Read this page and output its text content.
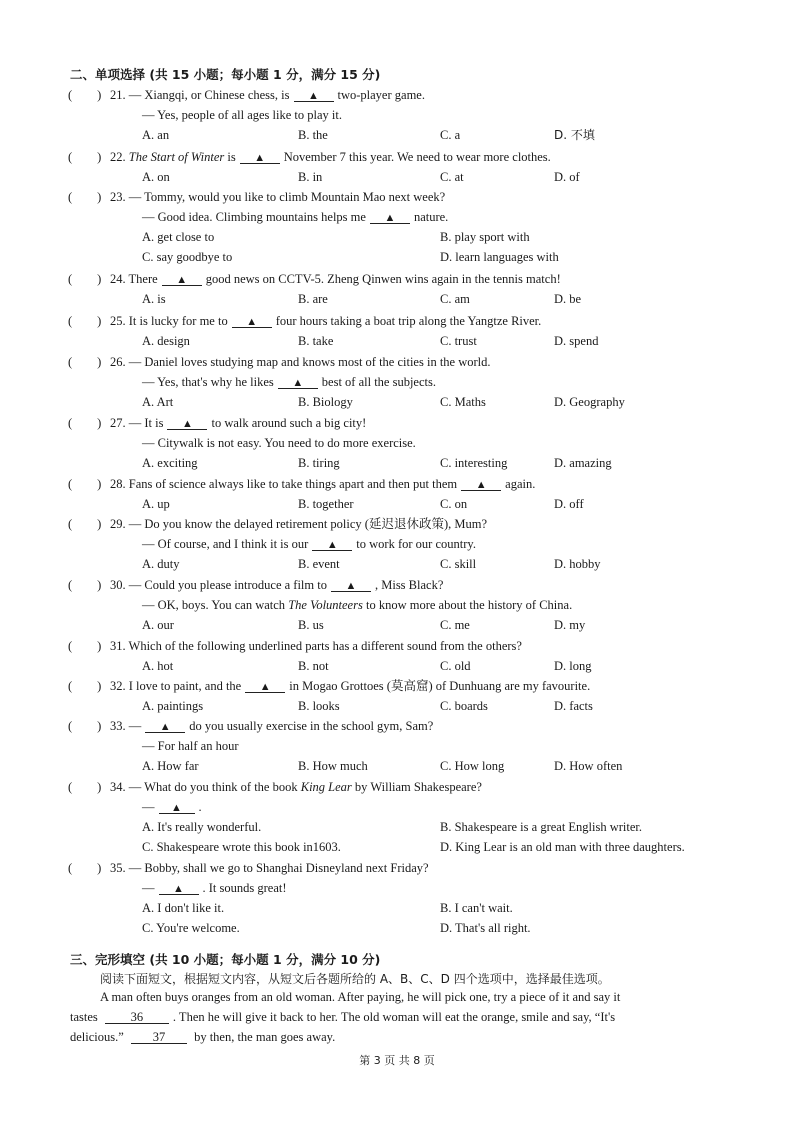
二、单项选择 (共 15 小题；每小题 1 分，满分 15 分)
(        ) 21. — Xiangqi, or Chinese chess, is ▲ two-player game.
— Yes, people of all ages like to play it.
A. an	B. the	C. a	D. 不填
(        ) 22. The Start of Winter is ▲ November 7 this year. We need to wear more clothes.
A. on	B. in	C. at	D. of
(        ) 23. — Tommy, would you like to climb Mountain Mao next week?
— Good idea. Climbing mountains helps me ▲ nature.
A. get close to	B. play sport with
C. say goodbye to	D. learn languages with
(        ) 24. There ▲ good news on CCTV-5. Zheng Qinwen wins again in the tennis match!
A. is	B. are	C. am	D. be
(        ) 25. It is lucky for me to ▲ four hours taking a boat trip along the Yangtze River.
A. design	B. take	C. trust	D. spend
(        ) 26. — Daniel loves studying map and knows most of the cities in the world.
— Yes, that's why he likes ▲ best of all the subjects.
A. Art	B. Biology	C. Maths	D. Geography
(        ) 27. — It is ▲ to walk around such a big city!
— Citywalk is not easy. You need to do more exercise.
A. exciting	B. tiring	C. interesting	D. amazing
(        ) 28. Fans of science always like to take things apart and then put them ▲ again.
A. up	B. together	C. on	D. off
(        ) 29. — Do you know the delayed retirement policy (延迟退休政策), Mum?
— Of course, and I think it is our ▲ to work for our country.
A. duty	B. event	C. skill	D. hobby
(        ) 30. — Could you please introduce a film to ▲ , Miss Black?
— OK, boys. You can watch The Volunteers to know more about the history of China.
A. our	B. us	C. me	D. my
(        ) 31. Which of the following underlined parts has a different sound from the others?
A. hot	B. not	C. old	D. long
(        ) 32. I love to paint, and the ▲ in Mogao Grottoes (莫高窟) of Dunhuang are my favourite.
A. paintings	B. looks	C. boards	D. facts
(        ) 33. — ▲ do you usually exercise in the school gym, Sam?
— For half an hour
A. How far	B. How much	C. How long	D. How often
(        ) 34. — What do you think of the book King Lear by William Shakespeare?
— ▲ .
A. It's really wonderful.	B. Shakespeare is a great English writer.
C. Shakespeare wrote this book in1603.	D. King Lear is an old man with three daughters.
(        ) 35. — Bobby, shall we go to Shanghai Disneyland next Friday?
— ▲ . It sounds great!
A. I don't like it.	B. I can't wait.
C. You're welcome.	D. That's all right.
三、完形填空 (共 10 小题；每小题 1 分，满分 10 分)
阅读下面短文，根据短文内容，从短文后各题所给的 A、B、C、D 四个选项中，选择最佳选项。
A man often buys oranges from an old woman. After paying, he will pick one, try a piece of it and say it
tastes	36 . Then he will give it back to her. The old woman will eat the orange, smile and say, “It's
delicious.” 37 by then, the man goes away.
第 3 页 共 8 页
